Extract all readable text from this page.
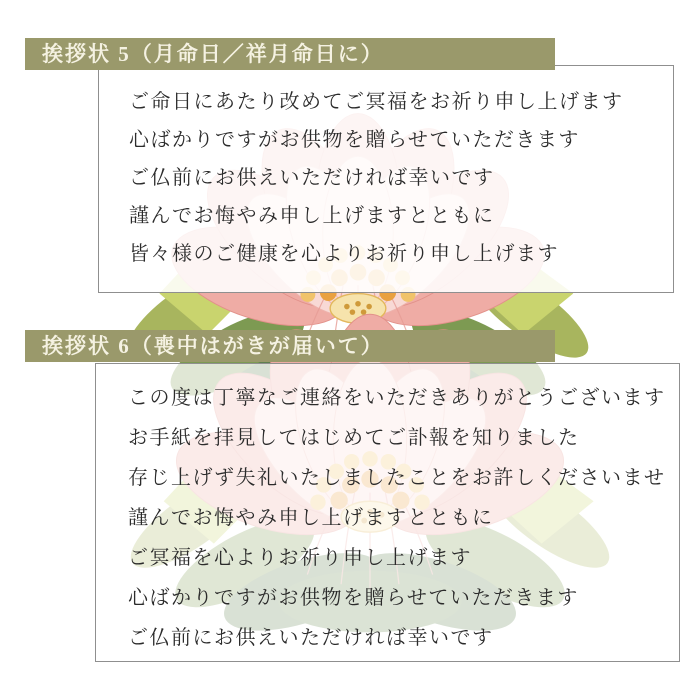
挨拶状 5（月命日／祥月命日に）

ご命日にあたり改めてご冥福をお祈り申し上げます

心ばかりですがお供物を贈らせていただきます

ご仏前にお供えいただければ幸いです

謹んでお悔やみ申し上げますとともに

皆々様のご健康を心よりお祈り申し上げます

挨拶状 6（喪中はがきが届いて）

この度は丁寧なご連絡をいただきありがとうございます

お手紙を拝見してはじめてご訃報を知りました

存じ上げず失礼いたしましたことをお許しくださいませ

謹んでお悔やみ申し上げますとともに

ご冥福を心よりお祈り申し上げます

心ばかりですがお供物を贈らせていただきます

ご仏前にお供えいただければ幸いです
